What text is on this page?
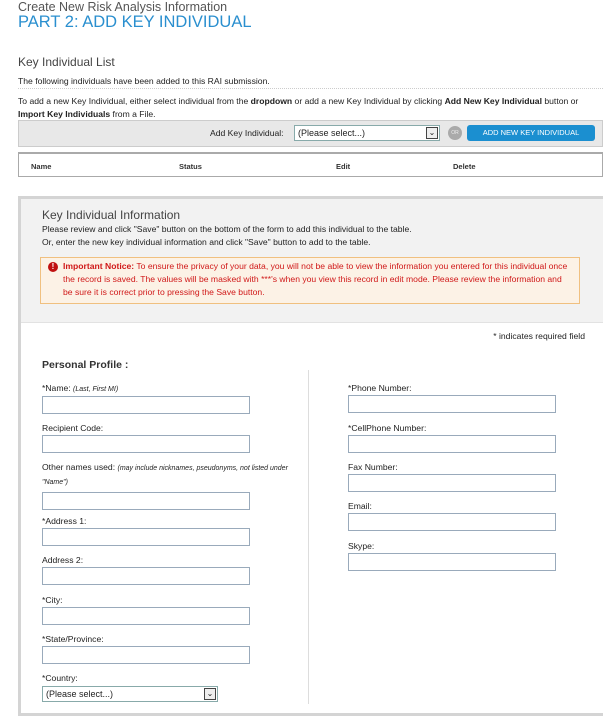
Create New Risk Analysis Information
PART 2: ADD KEY INDIVIDUAL
Key Individual List
The following individuals have been added to this RAI submission.
To add a new Key Individual, either select individual from the dropdown or add a new Key Individual by clicking Add New Key Individual button or Import Key Individuals from a File.
Add Key Individual:	(Please select...)	⌄	OR	ADD NEW KEY INDIVIDUAL
Name	Status	Edit	Delete
Key Individual Information
Please review and click "Save" button on the bottom of the form to add this individual to the table.
Or, enter the new key individual information and click "Save" button to add to the table.
!	Important Notice: To ensure the privacy of your data, you will not be able to view the information you entered for this individual once the record is saved. The values will be masked with ***'s when you view this record in edit mode. Please review the information and be sure it is correct prior to pressing the Save button.
* indicates required field
Personal Profile :
*Name: (Last, First MI)
Recipient Code:
Other names used: (may include nicknames, pseudonyms, not listed under "Name")
*Address 1:
Address 2:
*City:
*State/Province:
*Country:
(Please select...)	⌄
*Phone Number:
*CellPhone Number:
Fax Number:
Email:
Skype:
